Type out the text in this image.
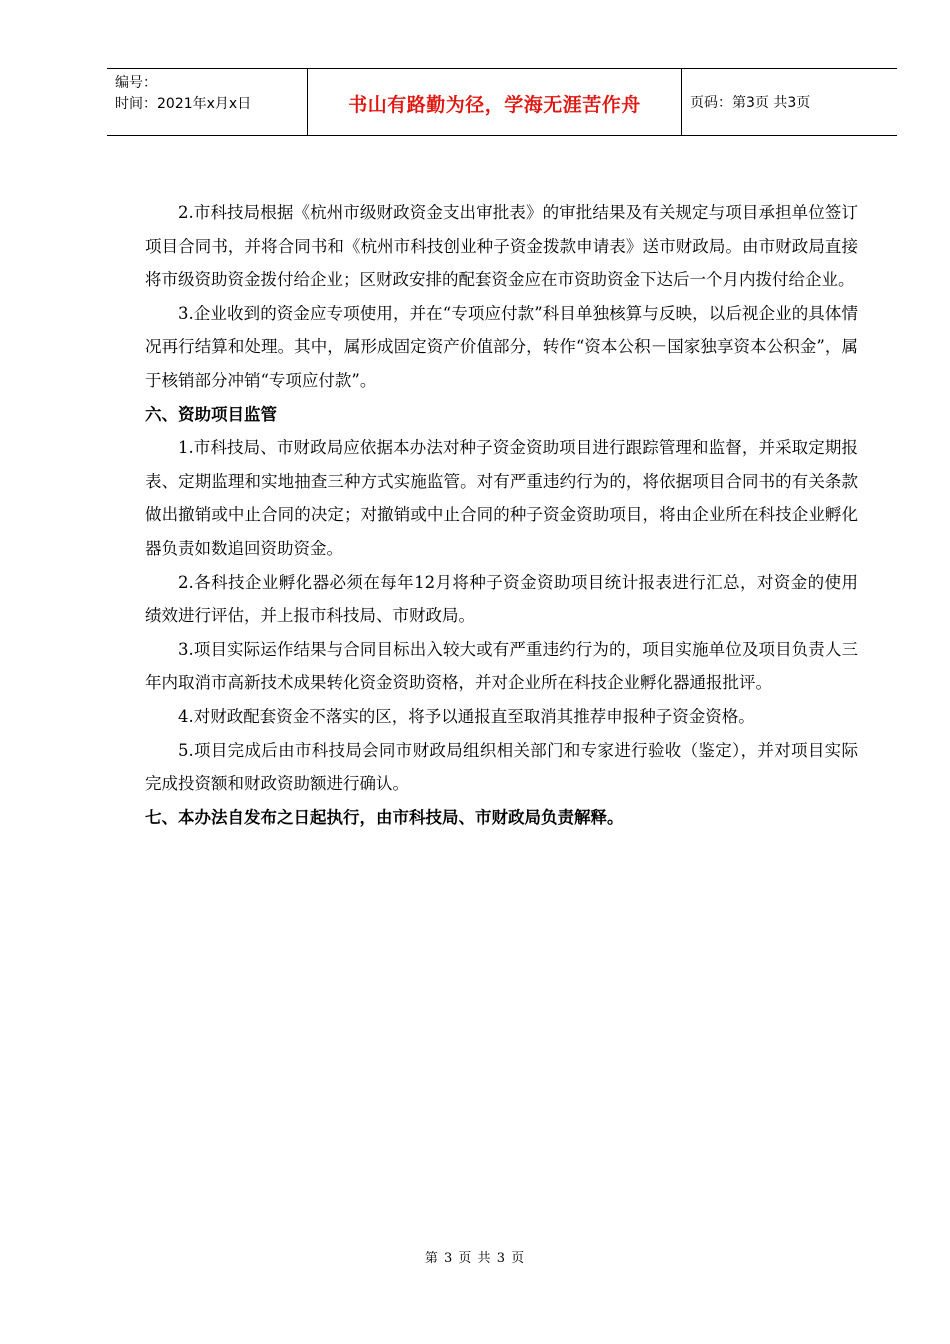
编号：
时间：2021年x月x日	书山有路勤为径，学海无涯苦作舟	页码：第3页 共3页

2.市科技局根据《杭州市级财政资金支出审批表》的审批结果及有关规定与项目承担单位签订项目合同书，并将合同书和《杭州市科技创业种子资金拨款申请表》送市财政局。由市财政局直接将市级资助资金拨付给企业；区财政安排的配套资金应在市资助资金下达后一个月内拨付给企业。

3.企业收到的资金应专项使用，并在“专项应付款”科目单独核算与反映，以后视企业的具体情况再行结算和处理。其中，属形成固定资产价值部分，转作“资本公积－国家独享资本公积金”，属于核销部分冲销“专项应付款”。

六、资助项目监管

1.市科技局、市财政局应依据本办法对种子资金资助项目进行跟踪管理和监督，并采取定期报表、定期监理和实地抽查三种方式实施监管。对有严重违约行为的，将依据项目合同书的有关条款做出撤销或中止合同的决定；对撤销或中止合同的种子资金资助项目，将由企业所在科技企业孵化器负责如数追回资助资金。

2.各科技企业孵化器必须在每年12月将种子资金资助项目统计报表进行汇总，对资金的使用绩效进行评估，并上报市科技局、市财政局。

3.项目实际运作结果与合同目标出入较大或有严重违约行为的，项目实施单位及项目负责人三年内取消市高新技术成果转化资金资助资格，并对企业所在科技企业孵化器通报批评。

4.对财政配套资金不落实的区，将予以通报直至取消其推荐申报种子资金资格。

5.项目完成后由市科技局会同市财政局组织相关部门和专家进行验收（鉴定），并对项目实际完成投资额和财政资助额进行确认。

七、本办法自发布之日起执行，由市科技局、市财政局负责解释。

第 3 页 共 3 页
